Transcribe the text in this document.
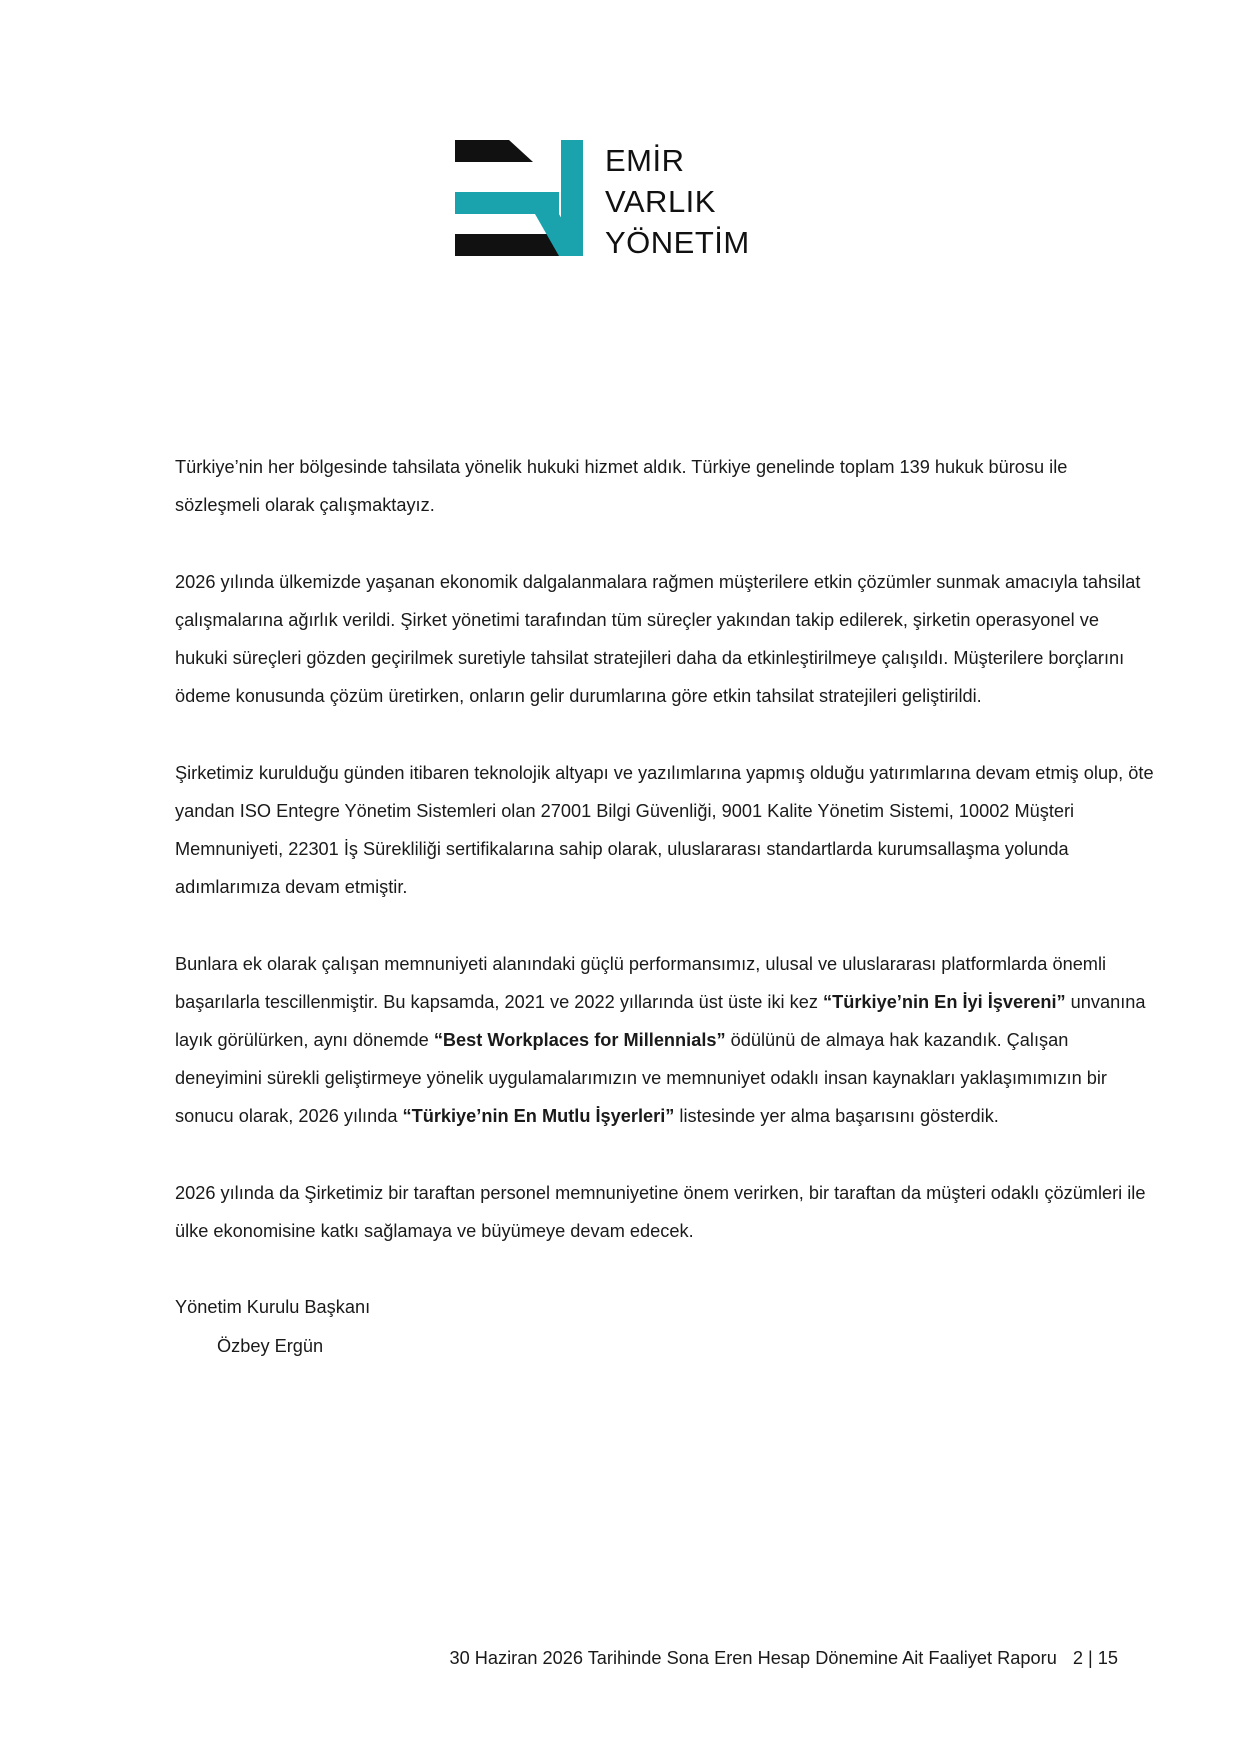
EMİR
VARLIK
YÖNETİM

Türkiye’nin her bölgesinde tahsilata yönelik hukuki hizmet aldık. Türkiye genelinde toplam 139 hukuk bürosu ile sözleşmeli olarak çalışmaktayız.

2026 yılında ülkemizde yaşanan ekonomik dalgalanmalara rağmen müşterilere etkin çözümler sunmak amacıyla tahsilat çalışmalarına ağırlık verildi. Şirket yönetimi tarafından tüm süreçler yakından takip edilerek, şirketin operasyonel ve hukuki süreçleri gözden geçirilmek suretiyle tahsilat stratejileri daha da etkinleştirilmeye çalışıldı. Müşterilere borçlarını ödeme konusunda çözüm üretirken, onların gelir durumlarına göre etkin tahsilat stratejileri geliştirildi.

Şirketimiz kurulduğu günden itibaren teknolojik altyapı ve yazılımlarına yapmış olduğu yatırımlarına devam etmiş olup, öte yandan ISO Entegre Yönetim Sistemleri olan 27001 Bilgi Güvenliği, 9001 Kalite Yönetim Sistemi, 10002 Müşteri Memnuniyeti, 22301 İş Sürekliliği sertifikalarına sahip olarak, uluslararası standartlarda kurumsallaşma yolunda adımlarımıza devam etmiştir.

Bunlara ek olarak çalışan memnuniyeti alanındaki güçlü performansımız, ulusal ve uluslararası platformlarda önemli başarılarla tescillenmiştir. Bu kapsamda, 2021 ve 2022 yıllarında üst üste iki kez “Türkiye’nin En İyi İşvereni” unvanına layık görülürken, aynı dönemde “Best Workplaces for Millennials” ödülünü de almaya hak kazandık. Çalışan deneyimini sürekli geliştirmeye yönelik uygulamalarımızın ve memnuniyet odaklı insan kaynakları yaklaşımımızın bir sonucu olarak, 2026 yılında “Türkiye’nin En Mutlu İşyerleri” listesinde yer alma başarısını gösterdik.

2026 yılında da Şirketimiz bir taraftan personel memnuniyetine önem verirken, bir taraftan da müşteri odaklı çözümleri ile ülke ekonomisine katkı sağlamaya ve büyümeye devam edecek.

Yönetim Kurulu Başkanı
Özbey Ergün
30 Haziran 2026 Tarihinde Sona Eren Hesap Dönemine Ait Faaliyet Raporu 2 | 15
